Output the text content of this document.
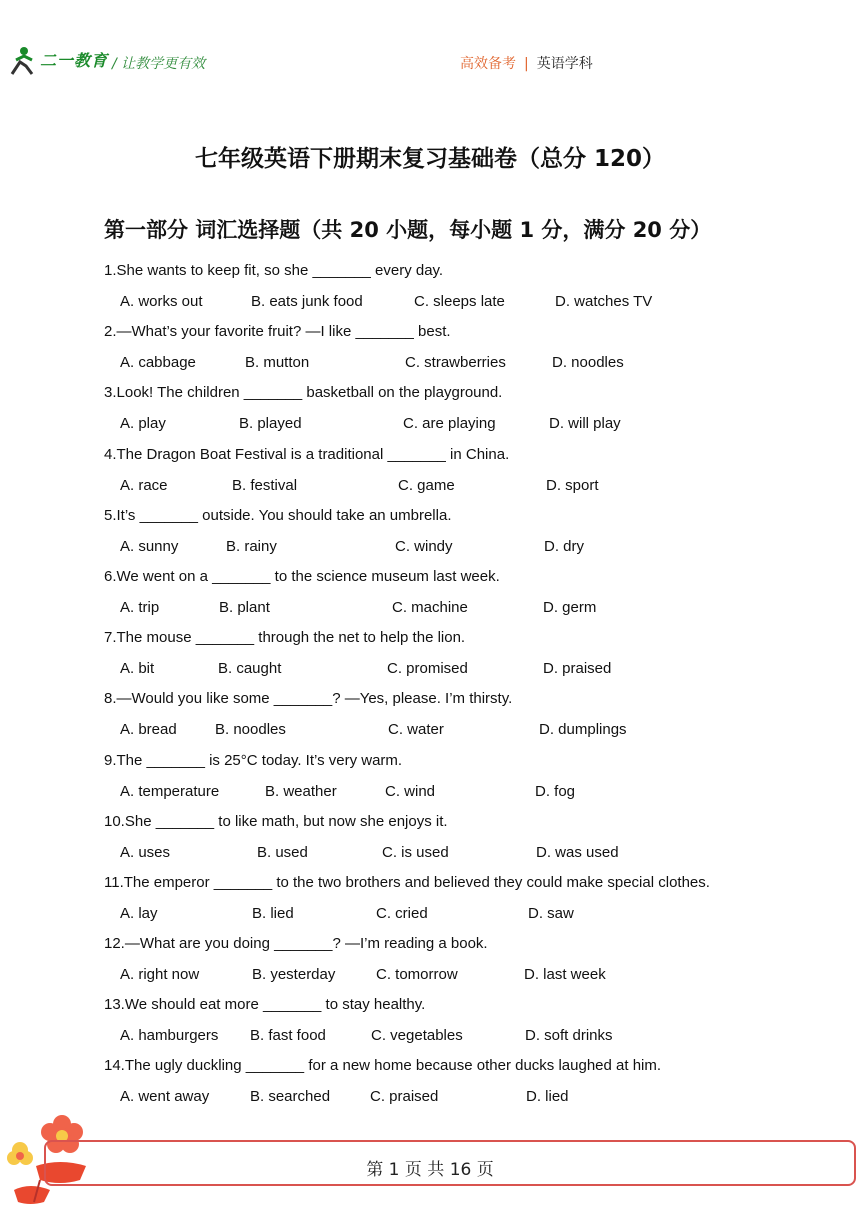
二一教育 / 让教学更有效	高效备考 | 英语学科
七年级英语下册期末复习基础卷（总分 120）
第一部分 词汇选择题（共 20 小题，每小题 1 分，满分 20 分）
1.She wants to keep fit, so she _______ every day.
A. works out	B. eats junk food	C. sleeps late	D. watches TV
2.—What’s your favorite fruit? —I like _______ best.
A. cabbage	B. mutton	C. strawberries	D. noodles
3.Look! The children _______ basketball on the playground.
A. play	B. played	C. are playing	D. will play
4.The Dragon Boat Festival is a traditional _______ in China.
A. race	B. festival	C. game	D. sport
5.It’s _______ outside. You should take an umbrella.
A. sunny	B. rainy	C. windy	D. dry
6.We went on a _______ to the science museum last week.
A. trip	B. plant	C. machine	D. germ
7.The mouse _______ through the net to help the lion.
A. bit	B. caught	C. promised	D. praised
8.—Would you like some _______? —Yes, please. I’m thirsty.
A. bread	B. noodles	C. water	D. dumplings
9.The _______ is 25°C today. It’s very warm.
A. temperature	B. weather	C. wind	D. fog
10.She _______ to like math, but now she enjoys it.
A. uses	B. used	C. is used	D. was used
11.The emperor _______ to the two brothers and believed they could make special clothes.
A. lay	B. lied	C. cried	D. saw
12.—What are you doing _______? —I’m reading a book.
A. right now	B. yesterday	C. tomorrow	D. last week
13.We should eat more _______ to stay healthy.
A. hamburgers B. fast food	C. vegetables	D. soft drinks
14.The ugly duckling _______ for a new home because other ducks laughed at him.
A. went away	B. searched	C. praised	D. lied
第 1 页 共 16 页
